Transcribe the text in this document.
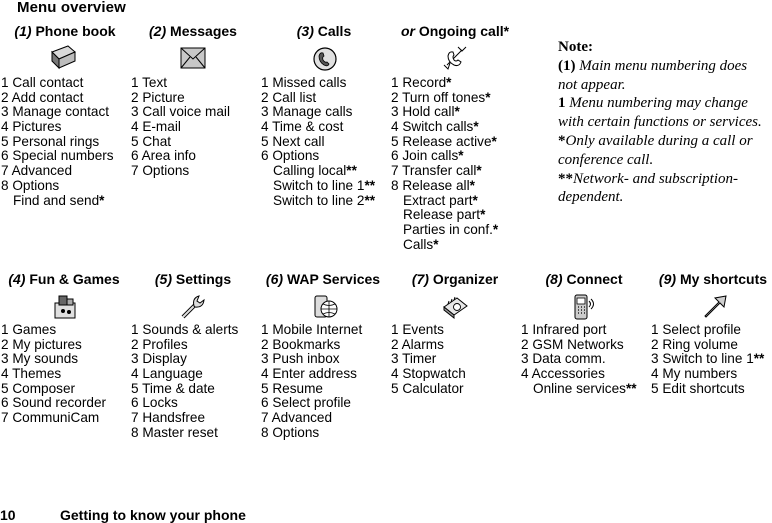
Menu overview
(1) Phone book
1 Call contact
2 Add contact
3 Manage contact
4 Pictures
5 Personal rings
6 Special numbers
7 Advanced
8 Options
Find and send*
(2) Messages
1 Text
2 Picture
3 Call voice mail
4 E-mail
5 Chat
6 Area info
7 Options
(3) Calls
1 Missed calls
2 Call list
3 Manage calls
4 Time & cost
5 Next call
6 Options
Calling local**
Switch to line 1**
Switch to line 2**
or Ongoing call*
1 Record*
2 Turn off tones*
3 Hold call*
4 Switch calls*
5 Release active*
6 Join calls*
7 Transfer call*
8 Release all*
Extract part*
Release part*
Parties in conf.*
Calls*

Note:

(1) Main menu numbering does not appear.

1 Menu numbering may change with certain functions or services.

*Only available during a call or conference call.

**Network- and subscription-dependent.

(4) Fun & Games
1 Games
2 My pictures
3 My sounds
4 Themes
5 Composer
6 Sound recorder
7 CommuniCam
(5) Settings
1 Sounds & alerts
2 Profiles
3 Display
4 Language
5 Time & date
6 Locks
7 Handsfree
8 Master reset
(6) WAP Services
1 Mobile Internet
2 Bookmarks
3 Push inbox
4 Enter address
5 Resume
6 Select profile
7 Advanced
8 Options
(7) Organizer
1 Events
2 Alarms
3 Timer
4 Stopwatch
5 Calculator
(8) Connect
1 Infrared port
2 GSM Networks
3 Data comm.
4 Accessories
Online services**
(9) My shortcuts
1 Select profile
2 Ring volume
3 Switch to line 1**
4 My numbers
5 Edit shortcuts
10	Getting to know your phone
